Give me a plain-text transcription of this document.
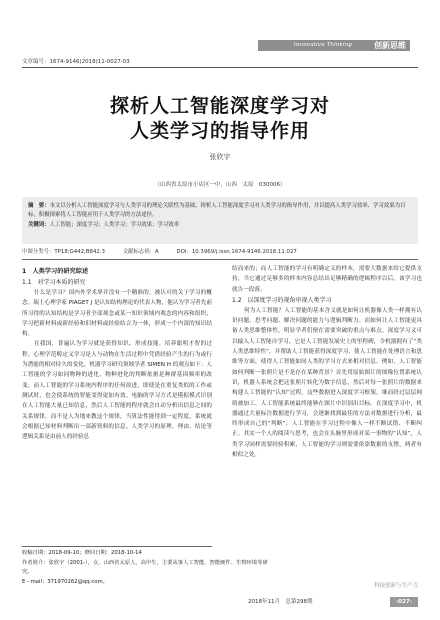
Innovative Thinking	创新思维
文章编号：1674-9146(2018)11-0027-03
探析人工智能深度学习对
人类学习的指导作用
张欣宇
（山西省太原市小店区一中，山西　太原　030006）

摘　要：本文以分析人工智能深度学习与人类学习的理论关联性为基础，探析人工智能深度学习对人类学习的指导作用，并以提高人类学习效率、学习效果为目标，积极探索将人工智能应用于人类学习的方法途径。

关键词：人工智能；深度学习；人类学习；学习效果；学习效率

中图分类号：TP18;G442;B842.3	文献标志码：A	DOI：10.3969/j.issn.1674-9146.2018.11.027
1　人类学习的研究综述
1.1　对学习本质的研究

什么是学习？国内外学术界并没有一个精准的、被认可的关于学习的概念。瑞士心理学家 PIAGET J 是认知结构理论的代表人物，他认为学习者先前所习得的认知结构是学习者全部观念或某一知识领域内观念的内容和组织，学习把新材料或新经验和旧材料或经验结合为一体，形成一个内部的知识结构。

在我国，普遍认为学习就是获得知识、形成技能、培养聪明才智的过程。心理学范畴定义学习是人与动物在生活过程中凭借经验产生的行为或行为潜能的相对持久的变化。机器学习研究领域学者 SIMEN H 的观点如下：人工智能的学习如同物种的进化，物种进化的判断依据是种群基因频率的改变，而人工智能的学习系统内程序的任何改进，即使是在重复类似的工作或测试时，也会使系统的智能变得更加有效。电脑的学习方式是模拟模式识别在人工智能大量已知信息，然后人工智能的程序就会自动分析出信息之间的关系规律，而不是人为地来教这个规律，当算法性能得到一定程度，系统就会根据已知材料判断出一部新资料的信息。人类学习的原理、理由、结论等逻辑关系是由前人的经验总

结而来的；而人工智能的学习有明确定义的样本，需要大数据来给它提供支持，当它通过足够多的样本内容总结出足够精确的逻辑程序以后，该学习也就告一段落。

1.2　以深度学习的视角审视人类学习

何为人工智能？人工智能的基本含义就是如何让机器像人类一样拥有认识问题、思考问题、解决问题的能力与逻辑判断力。而如何让人工智能更具备人类思维整体性，明显学者们便在需要突破的重点与难点。深度学习又可以输入人工智能自学习，它是人工智能发展史上的里程碑，令机器拥有了“类人类思维特性”，并帮助人工智能获得深度学习，使人工智能在处理语言和思维等方面，使得人工智能如同人类的学习方式来相对信息。例如，人工智能如何判断一张照片是不是存在某种背景？首先用原始图片的图像位置系统认识，机器人系统会把这张照片转化为数字信息，然后对每一张照片的数据来构建人工智能的“认知”过程。这些数据进入深度学习框架，继而经过层层网络被加工，人工智能系统最终能够在图片中识别出目标。在深度学习中，机器通过大量标注数据进行学习，会逐渐找到最佳的方法对数据进行分析，最终形成自己的“判断”，人工智能在学习过程中像人一样不断试错、不断纠正。其实一个人的阅读与思考，也会在头脑里形成对某一事物的“认知”，人类学习同样需要经验积累，人工智能的学习则需要依靠数据的支撑，两者有相似之处。

收稿日期：2018-09-10；修回日期：2018-10-14
作者简介：张欣宇（2001-），女，山西省太原人，高中生，主要从事人工智能、智能硬件、生物环境等研究。
E－mail：371970262@qq.com。
科技创新与生产力
2018年11月　总第298期	‹027›
